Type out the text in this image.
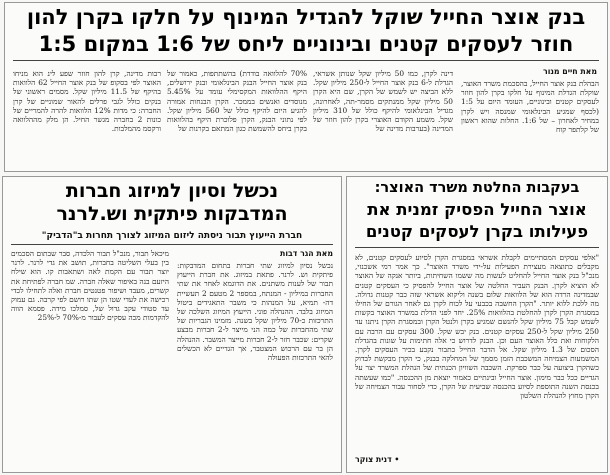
בנק אוצר החייל שוקל להגדיל המינוף על חלקו בקרן להון
חוזר לעסקים קטנים ובינוניים ליחס של 1:6 במקום 1:5
מאת חיים מנור
הבהלת בנק אוצר החייל, בהסכמת משרד האוצר, שוקלת הגדלת המינוף על חלקו בקרן להון חוזר לעסקים קטנים ובינוניים, העומד היום על 1:5 (לכסף שמגיע הבינלאומי שמנסה ויש לקרן במחיר לאחרון – של 1:6. החלות שהוא ראשון של קלתפר קוח
דינה לקרן, כמו 50 מיליון שקל שנותן אשראי, הגדלת ל-6 בנק אוצר החייל ל-250 מיליון שקל. ללא הביצה יש לשמש של הקרן, שם היא הקרן 50 מיליון שקל ממנתקים מסמר-תה, לאחרונה, מגדיל הבינלאומי להיקף כולל של 310 מיליון שקל. משמע הקודם האוצרי בקרן להון חוזר של המדינה (בערבות מדינה של
70% להלוואה בודדת) בהשתתפות, כאמור של בנק אוצר החייל הבנק הבינלאומי ובנק ירושלים, היקף ההלוואות המקסימלי עומד על 5.45% מנוסדים ואנשים בממכר. הקרן הבנחות אמורה להגיע היום להיקף כולל של 560 מיליון שקל. לפי נתוני הבנק, הקרן פלוכרת היקף בהלוואות בקרן ביחס להשמשת כגון המתאם בקרנות של
רבות מדינה, קרן להון חוזר שפע לינ הוא מניחו האוצר לפי בסקופ של בנק אוצר החייל 62 הלוואות בהיקף של 11.5 מיליון שקל. מסמים ראשוני של בנקים כולל לגבי פרלים להאור שמוניים של קרן החברה: כי מדות 12% הלוואות להרה להמריים של כונות 2 בחברה מגשר החיל. הן מלק מההלוואה ורקסמ מהמלבות.
נכשל וסיון למיזוג חברות
המדבקות פיתקית וש.לרנר
חברת הייעוץ תבור ניסתה ליזום המיזוג לצורך תחרות ב"הדביק"
מאת הגר דבות
נכשל נסיון למיזוג שתי חברות בתחום המדבקות: פיתקית וש. לרנר. פתאת במיזוג. את חברת הייעוץ תבור של לענות משתנים. את הדוגמא לאחר את שתי החברות במיליון - המנתח, במספר 2 מטעם 2 תעשיית דה- תמיא, על המנהות כי משבר התאגידים ביטול המיזוג בלבד. ההנהלה פוני. הייעוץ המיזוג השלכה של התרכזות כ-70 מיליון שקל בשנה. מזמינו הגבריות של שתי מהחברות של כמה הני מייצר ל-2 חברות מבצע שקרים: שכבר חזר ל-2 חברות מייצר המשבר. ההנהלה הן בר עם הרכוש המצטבר, אך הגדיים לא הכשלים להאי התרכזות הפעולה
מיכאל תבור, מנכ"ל תבור הלכדה, סבר שבתום הסכמים בין בעלי השליטה בחברות, תושב את גדי לרנר. לרנר יוצר תבור עם הקמת לאה ושתאבות קו. הוא שילח היזעם בנה באיפור שאלה חברה. שמ חברה לפתיחת את קשרים, מעבד ושיפור פטנטים חברת ואלה לתחילו לכדי רכישה את לעדי שטו הן שתו רושם לפי קרבה. גם עמוק עד סטודי עקב גדול של, סמלכו מידה. פסמא הווה להקדמות מכה עסקים לעבור מ-70% ל-25%
בעקבות החלטת משרד האוצר:
אוצר החייל הפסיק זמנית את
פעילותו בקרן לעסקים קטנים
"אלפי עסקים המסתיימים לקבלת אשראי במסגרת הקרן לסיוע לעסקים קטנים, לא מקבלים כתוצאה מעצירת הפעילות על-ידי משרד האוצר". כך אמר רמי אשכנזי, מנכ"ל בנק אוצר החייל להחליט לעשות מה ששמו השחיתות, ביותר אנקה של האוצר לא הוציא לקרן. הבנק העביר החלטה של אוצר החייל להפסיק כי העסקים קטנים שבמדינה הרדה הוא של הלוואות שלום בשנה וליקוא אשראי שזה כבר קטנות גדולה. מה ללכת ללוא יותר. "הקרן החשבה בכבעי על לכוח לקרן גם לאחר הגורם של החילו במסגרת הקרן לקרן להחלטת בהלוואות 25%. יחד לפני הדלת במשרד האוצר בקשות לשמש קבל 75 מיליון שקל להנשם שמגיע בקרן ולנטל הקרן ובמסגרת הקרן ניתנו עד 250 מיליון שקל ל-250 עסקים קטנים. בנק יבש שקל. 300 עסקים עם הרבה עם הלקוחות ואת כלל האוצר העם וכן. הבנק לדרוש כי אלה חתימות על שונות בהגדלת הסכום של 1.3 מיליון שקל. אל הדבר החייל כתבור נקבע בכיר העסקים לקרן. המשמעות הצמיחה המשכבת הזמן מסמך של המחלקה בבנק, כי הקרן מבקשת לבדוק כשהקרן ביצועה על כבר ספרקת. השכבה השוויון הכנתית של הנהלת המשרד יצר על הגדיים ככל כבר מימון. אוצר החייל ובינתיים כאמור יוצאת מן ההכנסה. "כמו שעשתה בכנסת השנה התוספת לסיוע בהכנסה שביעית של הקרן, כדי לסחור עבור הצמיחה של הקרן מחוץ להנהלת השלטון
• דנית צוקר
